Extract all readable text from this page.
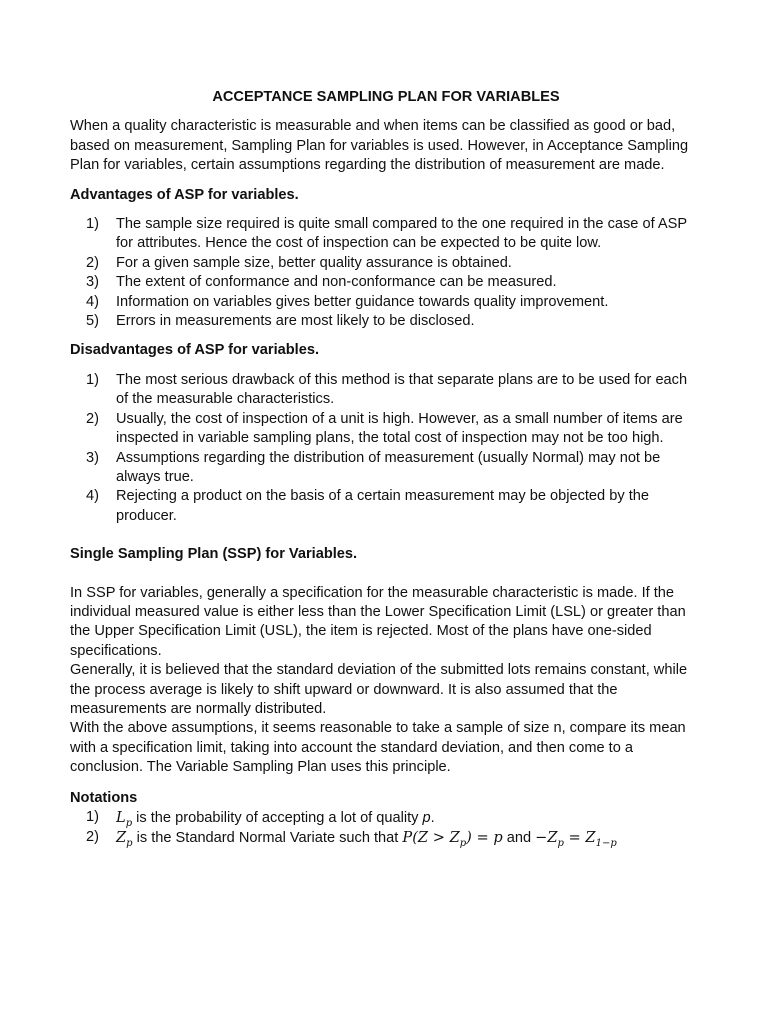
ACCEPTANCE SAMPLING PLAN FOR VARIABLES

When a quality characteristic is measurable and when items can be classified as good or bad, based on measurement, Sampling Plan for variables is used. However, in Acceptance Sampling Plan for variables, certain assumptions regarding the distribution of measurement are made.

Advantages of ASP for variables.
1)	The sample size required is quite small compared to the one required in the case of ASP for attributes. Hence the cost of inspection can be expected to be quite low.
2)	For a given sample size, better quality assurance is obtained.
3)	The extent of conformance and non-conformance can be measured.
4)	Information on variables gives better guidance towards quality improvement.
5)	Errors in measurements are most likely to be disclosed.
Disadvantages of ASP for variables.
1)	The most serious drawback of this method is that separate plans are to be used for each of the measurable characteristics.
2)	Usually, the cost of inspection of a unit is high. However, as a small number of items are inspected in variable sampling plans, the total cost of inspection may not be too high.
3)	Assumptions regarding the distribution of measurement (usually Normal) may not be always true.
4)	Rejecting a product on the basis of a certain measurement may be objected by the producer.
Single Sampling Plan (SSP) for Variables.

In SSP for variables, generally a specification for the measurable characteristic is made. If the individual measured value is either less than the Lower Specification Limit (LSL) or greater than the Upper Specification Limit (USL), the item is rejected. Most of the plans have one-sided specifications.

Generally, it is believed that the standard deviation of the submitted lots remains constant, while the process average is likely to shift upward or downward. It is also assumed that the measurements are normally distributed.

With the above assumptions, it seems reasonable to take a sample of size n, compare its mean with a specification limit, taking into account the standard deviation, and then come to a conclusion. The Variable Sampling Plan uses this principle.

Notations
1)	$L_p$ is the probability of accepting a lot of quality p.
2)	$Z_p$ is the Standard Normal Variate such that $P(Z > Z_p) = p$ and $-Z_p = Z_{1-p}$
